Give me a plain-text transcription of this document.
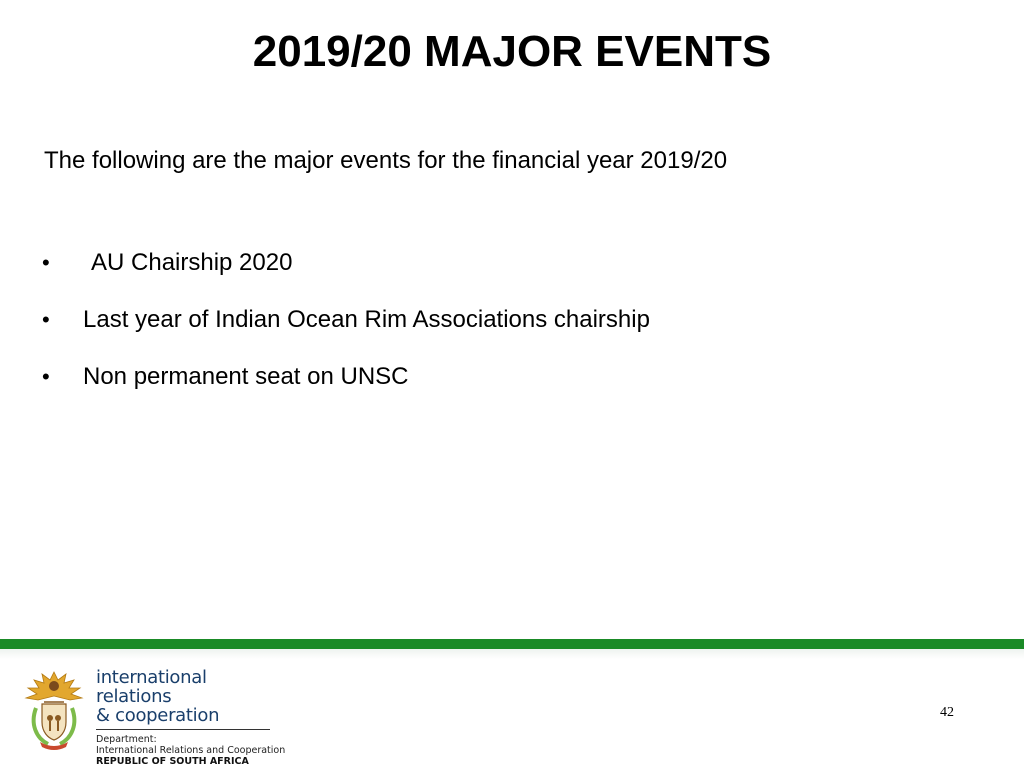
2019/20 MAJOR EVENTS
The following are the major events for the financial year 2019/20
• AU Chairship 2020
• Last year of Indian Ocean Rim Associations chairship
• Non permanent seat on UNSC
international relations
& cooperation
Department:
International Relations and Cooperation
REPUBLIC OF SOUTH AFRICA
42
